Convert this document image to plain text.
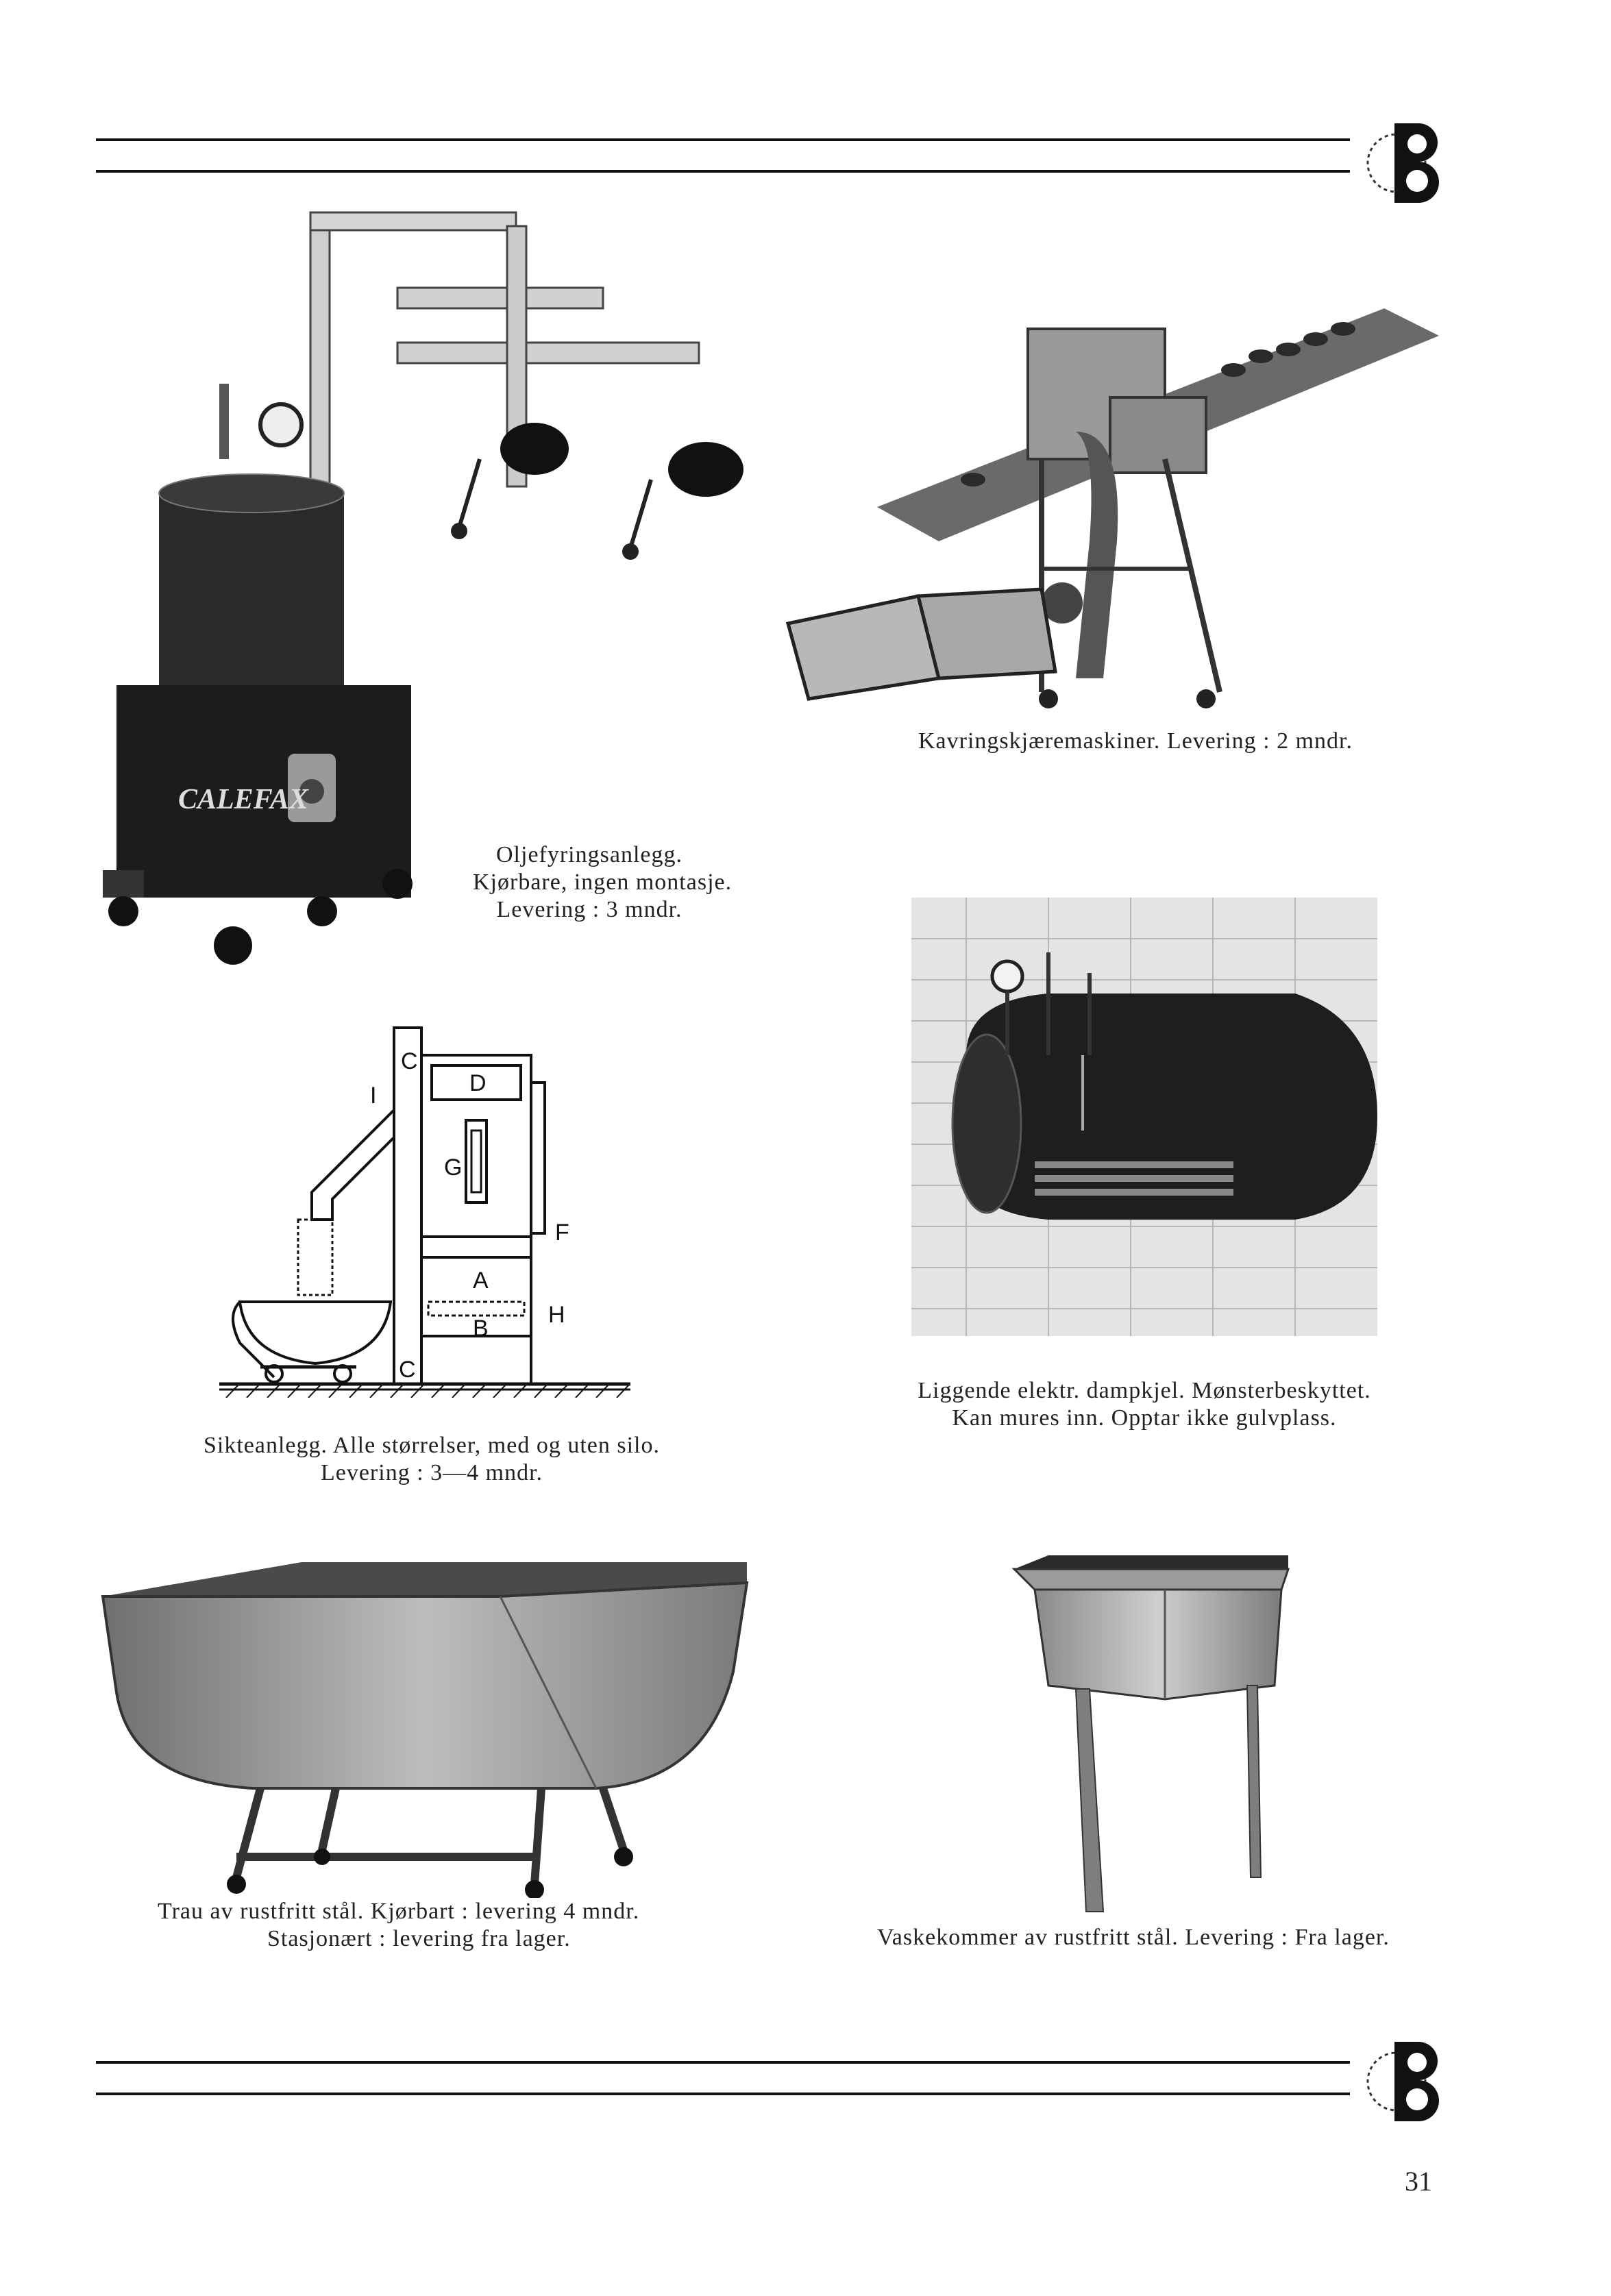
CALEFAX
Oljefyringsanlegg.
Kjørbare, ingen montasje.
Levering : 3 mndr.
Kavringskjæremaskiner. Levering : 2 mndr.
I
C
D
G
F
A
B
H
C
Sikteanlegg. Alle størrelser, med og uten silo.
Levering : 3—4 mndr.
Liggende elektr. dampkjel. Mønsterbeskyttet.
Kan mures inn. Opptar ikke gulvplass.
Trau av rustfritt stål. Kjørbart : levering 4 mndr.
Stasjonært : levering fra lager.	Vaskekommer av rustfritt stål. Levering : Fra lager.
31
